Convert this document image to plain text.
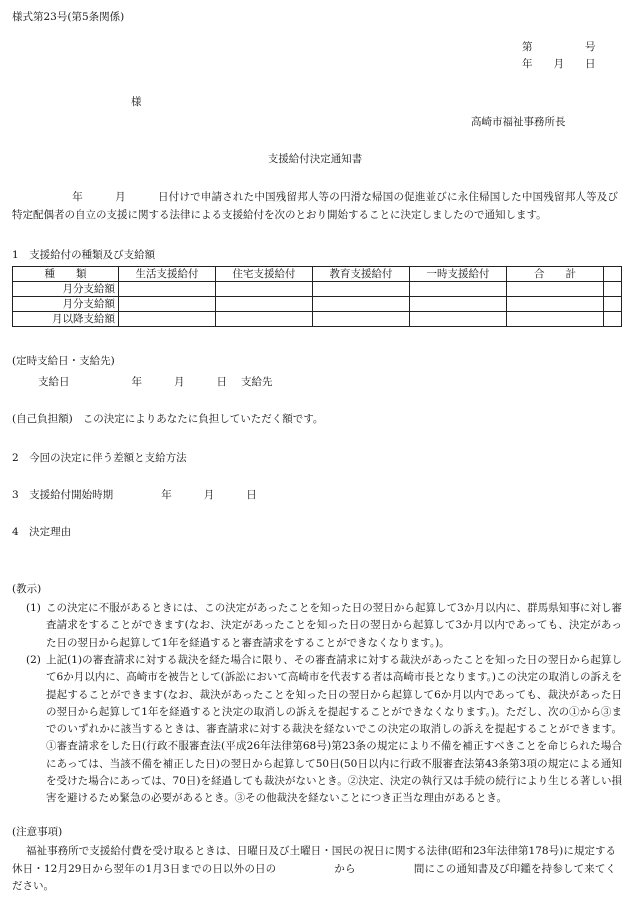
様式第23号(第5条関係)
第　　　　　号
年　　月　　日
様
高崎市福祉事務所長
支援給付決定通知書
年	月	日付けで申請された中国残留邦人等の円滑な帰国の促進並びに永住帰国した中国残留邦人等及び特定配偶者の自立の支援に関する法律による支援給付を次のとおり開始することに決定しましたので通知します。
1　支援給付の種類及び支給額
種　　類	生活支援給付	住宅支援給付	教育支援給付	一時支援給付	合　　計	
月分支給額						
月分支給額						
月以降支給額						
(定時支給日・支給先)
支給日	年	月	日 支給先
(自己負担額) この決定によりあなたに負担していただく額です。
2　今回の決定に伴う差額と支給方法
3　支援給付開始時期	年	月	日
4　決定理由
(教示)
(1) この決定に不服があるときには、この決定があったことを知った日の翌日から起算して3か月以内に、群馬県知事に対し審査請求をすることができます(なお、決定があったことを知った日の翌日から起算して3か月以内であっても、決定があった日の翌日から起算して1年を経過すると審査請求をすることができなくなります。)。
(2) 上記(1)の審査請求に対する裁決を経た場合に限り、その審査請求に対する裁決があったことを知った日の翌日から起算して6か月以内に、高崎市を被告として(訴訟において高崎市を代表する者は高崎市長となります。)この決定の取消しの訴えを提起することができます(なお、裁決があったことを知った日の翌日から起算して6か月以内であっても、裁決があった日の翌日から起算して1年を経過すると決定の取消しの訴えを提起することができなくなります。)。ただし、次の①から③までのいずれかに該当するときは、審査請求に対する裁決を経ないでこの決定の取消しの訴えを提起することができます。①審査請求をした日(行政不服審査法(平成26年法律第68号)第23条の規定により不備を補正すべきことを命じられた場合にあっては、当該不備を補正した日)の翌日から起算して50日(50日以内に行政不服審査法第43条第3項の規定による通知を受けた場合にあっては、70日)を経過しても裁決がないとき。②決定、決定の執行又は手続の続行により生じる著しい損害を避けるため緊急の必要があるとき。③その他裁決を経ないことにつき正当な理由があるとき。
(注意事項)
福祉事務所で支援給付費を受け取るときは、日曜日及び土曜日・国民の祝日に関する法律(昭和23年法律第178号)に規定する休日・12月29日から翌年の1月3日までの日以外の日の	から	間にこの通知書及び印鑑を持参して来てください。
